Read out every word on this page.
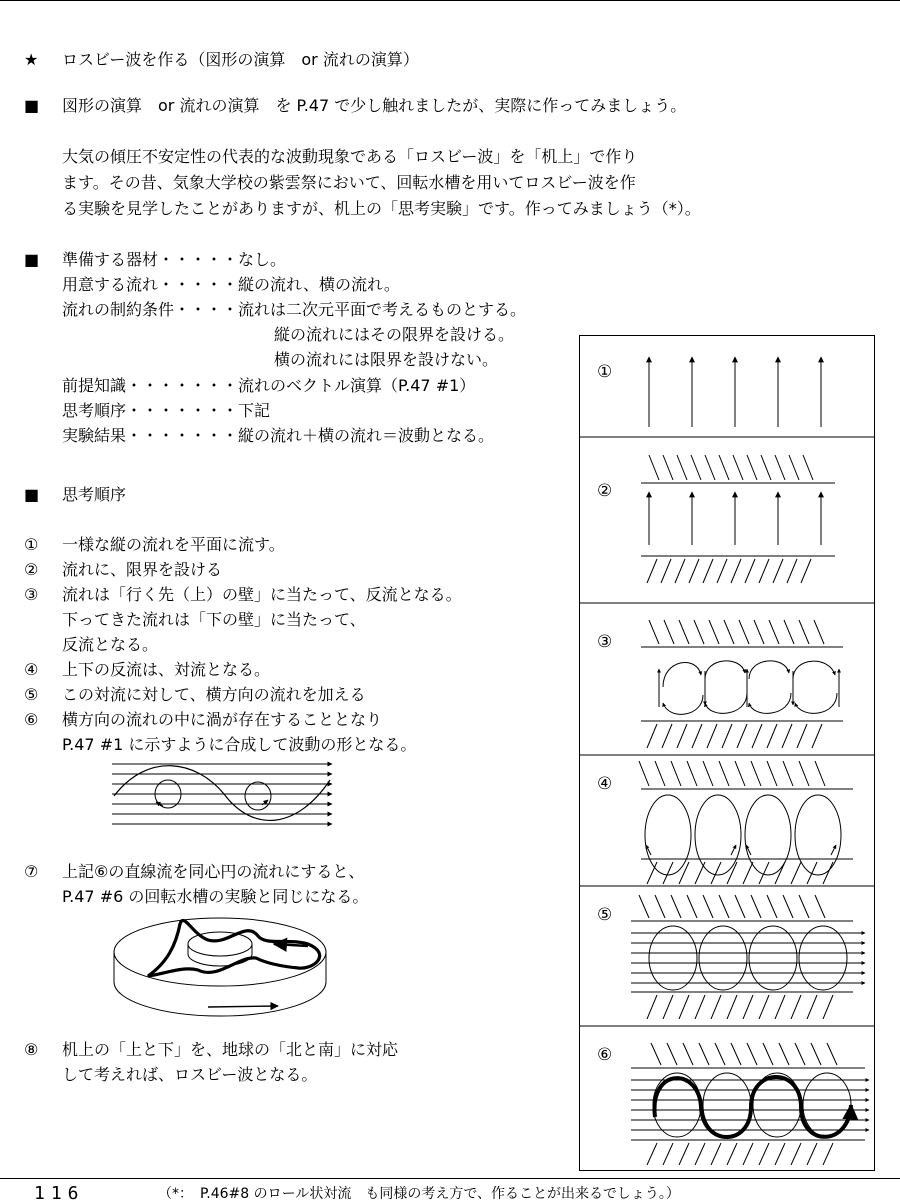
★ ロスビー波を作る（図形の演算　or 流れの演算）
■ 図形の演算　or 流れの演算　を P.47 で少し触れましたが、実際に作ってみましょう。
大気の傾圧不安定性の代表的な波動現象である「ロスビー波」を「机上」で作り
ます。その昔、気象大学校の紫雲祭において、回転水槽を用いてロスビー波を作
る実験を見学したことがありますが、机上の「思考実験」です。作ってみましょう（*）。
■ 準備する器材・・・・・なし。
用意する流れ・・・・・縦の流れ、横の流れ。
流れの制約条件・・・・流れは二次元平面で考えるものとする。
縦の流れにはその限界を設ける。
横の流れには限界を設けない。
前提知識・・・・・・・流れのベクトル演算（P.47 #1）
思考順序・・・・・・・下記
実験結果・・・・・・・縦の流れ＋横の流れ＝波動となる。
■ 思考順序
① 一様な縦の流れを平面に流す。
② 流れに、限界を設ける
③ 流れは「行く先（上）の壁」に当たって、反流となる。
下ってきた流れは「下の壁」に当たって、
反流となる。
④ 上下の反流は、対流となる。
⑤ この対流に対して、横方向の流れを加える
⑥ 横方向の流れの中に渦が存在することとなり
P.47 #1 に示すように合成して波動の形となる。
⑦ 上記⑥の直線流を同心円の流れにすると、
P.47 #6 の回転水槽の実験と同じになる。
⑧ 机上の「上と下」を、地球の「北と南」に対応
して考えれば、ロスビー波となる。
①
②
③
④
⑤
⑥
116	（*：　P.46#8 のロール状対流　も同様の考え方で、作ることが出来るでしょう。）
